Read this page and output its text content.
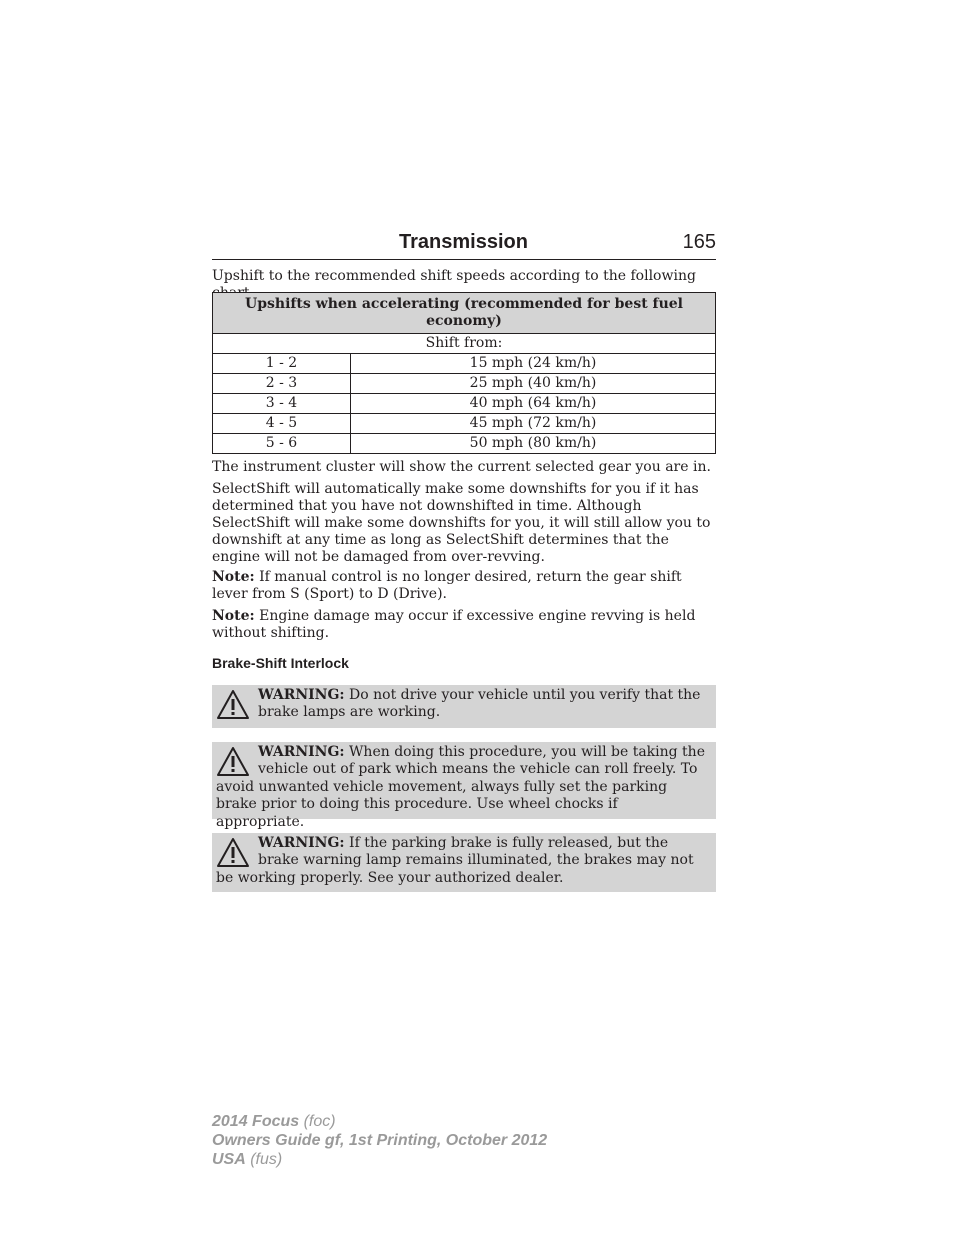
Transmission	165

Upshift to the recommended shift speeds according to the following

Upshifts when accelerating (recommended for best fuel economy)	
Shift from:	
1 - 2	15 mph (24 km/h)
2 - 3	25 mph (40 km/h)
3 - 4	40 mph (64 km/h)
4 - 5	45 mph (72 km/h)
5 - 6	50 mph (80 km/h)

The instrument cluster will show the current selected gear you are in.

SelectShift will automatically make some downshifts for you if it has determined that you have not downshifted in time. Although SelectShift will make some downshifts for you, it will still allow you to downshift at any time as long as SelectShift determines that the engine will not be damaged from over-revving.

Note: If manual control is no longer desired, return the gear shift lever from S (Sport) to D (Drive).

Note: Engine damage may occur if excessive engine revving is held without shifting.

Brake-Shift Interlock
WARNING: Do not drive your vehicle until you verify that the brake lamps are working.
WARNING: When doing this procedure, you will be taking the vehicle out of park which means the vehicle can roll freely. To avoid unwanted vehicle movement, always fully set the parking brake prior to doing this procedure. Use wheel chocks if appropriate.
WARNING: If the parking brake is fully released, but the brake warning lamp remains illuminated, the brakes may not be working properly. See your authorized dealer.
2014 Focus (foc)
Owners Guide gf, 1st Printing, October 2012
USA (fus)
